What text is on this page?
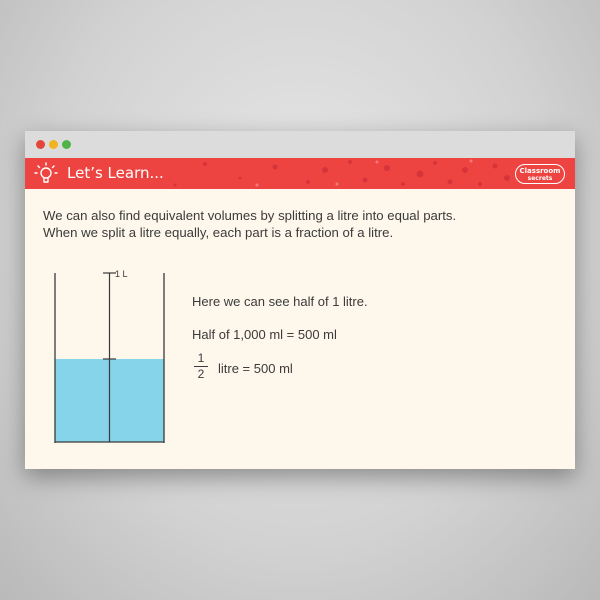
Let’s Learn...	Classroom
secrets

We can also find equivalent volumes by splitting a litre into equal parts.

When we split a litre equally, each part is a fraction of a litre.

1 L
Here we can see half of 1 litre.
Half of 1,000 ml = 500 ml
1
2 litre = 500 ml
